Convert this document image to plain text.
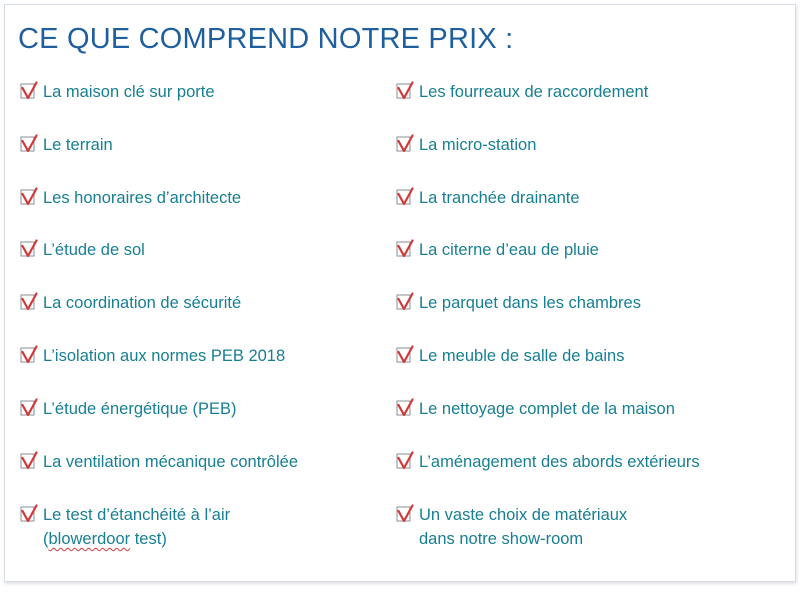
CE QUE COMPREND NOTRE PRIX :
La maison clé sur porte
Le terrain
Les honoraires d’architecte
L’étude de sol
La coordination de sécurité
L’isolation aux normes PEB 2018
L’étude énergétique (PEB)
La ventilation mécanique contrôlée
Le test d’étanchéité à l’air
(blowerdoor test)
Les fourreaux de raccordement
La micro-station
La tranchée drainante
La citerne d’eau de pluie
Le parquet dans les chambres
Le meuble de salle de bains
Le nettoyage complet de la maison
L’aménagement des abords extérieurs
Un vaste choix de matériaux
dans notre show-room
